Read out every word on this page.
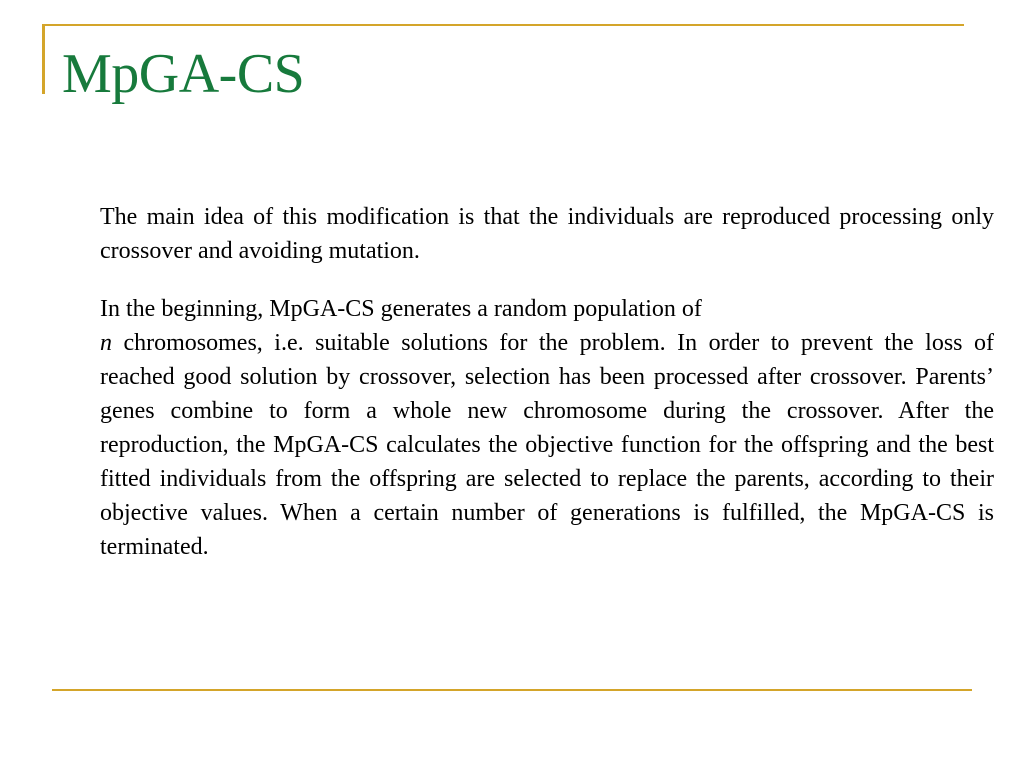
MpGA-CS

The main idea of this modification is that the individuals are reproduced processing only crossover and avoiding mutation.

In the beginning, MpGA-CS generates a random population of
n chromosomes, i.e. suitable solutions for the problem. In order to prevent the loss of reached good solution by crossover, selection has been processed after crossover. Parents’ genes combine to form a whole new chromosome during the crossover. After the reproduction, the MpGA-CS calculates the objective function for the offspring and the best fitted individuals from the offspring are selected to replace the parents, according to their objective values. When a certain number of generations is fulfilled, the MpGA-CS is terminated.
